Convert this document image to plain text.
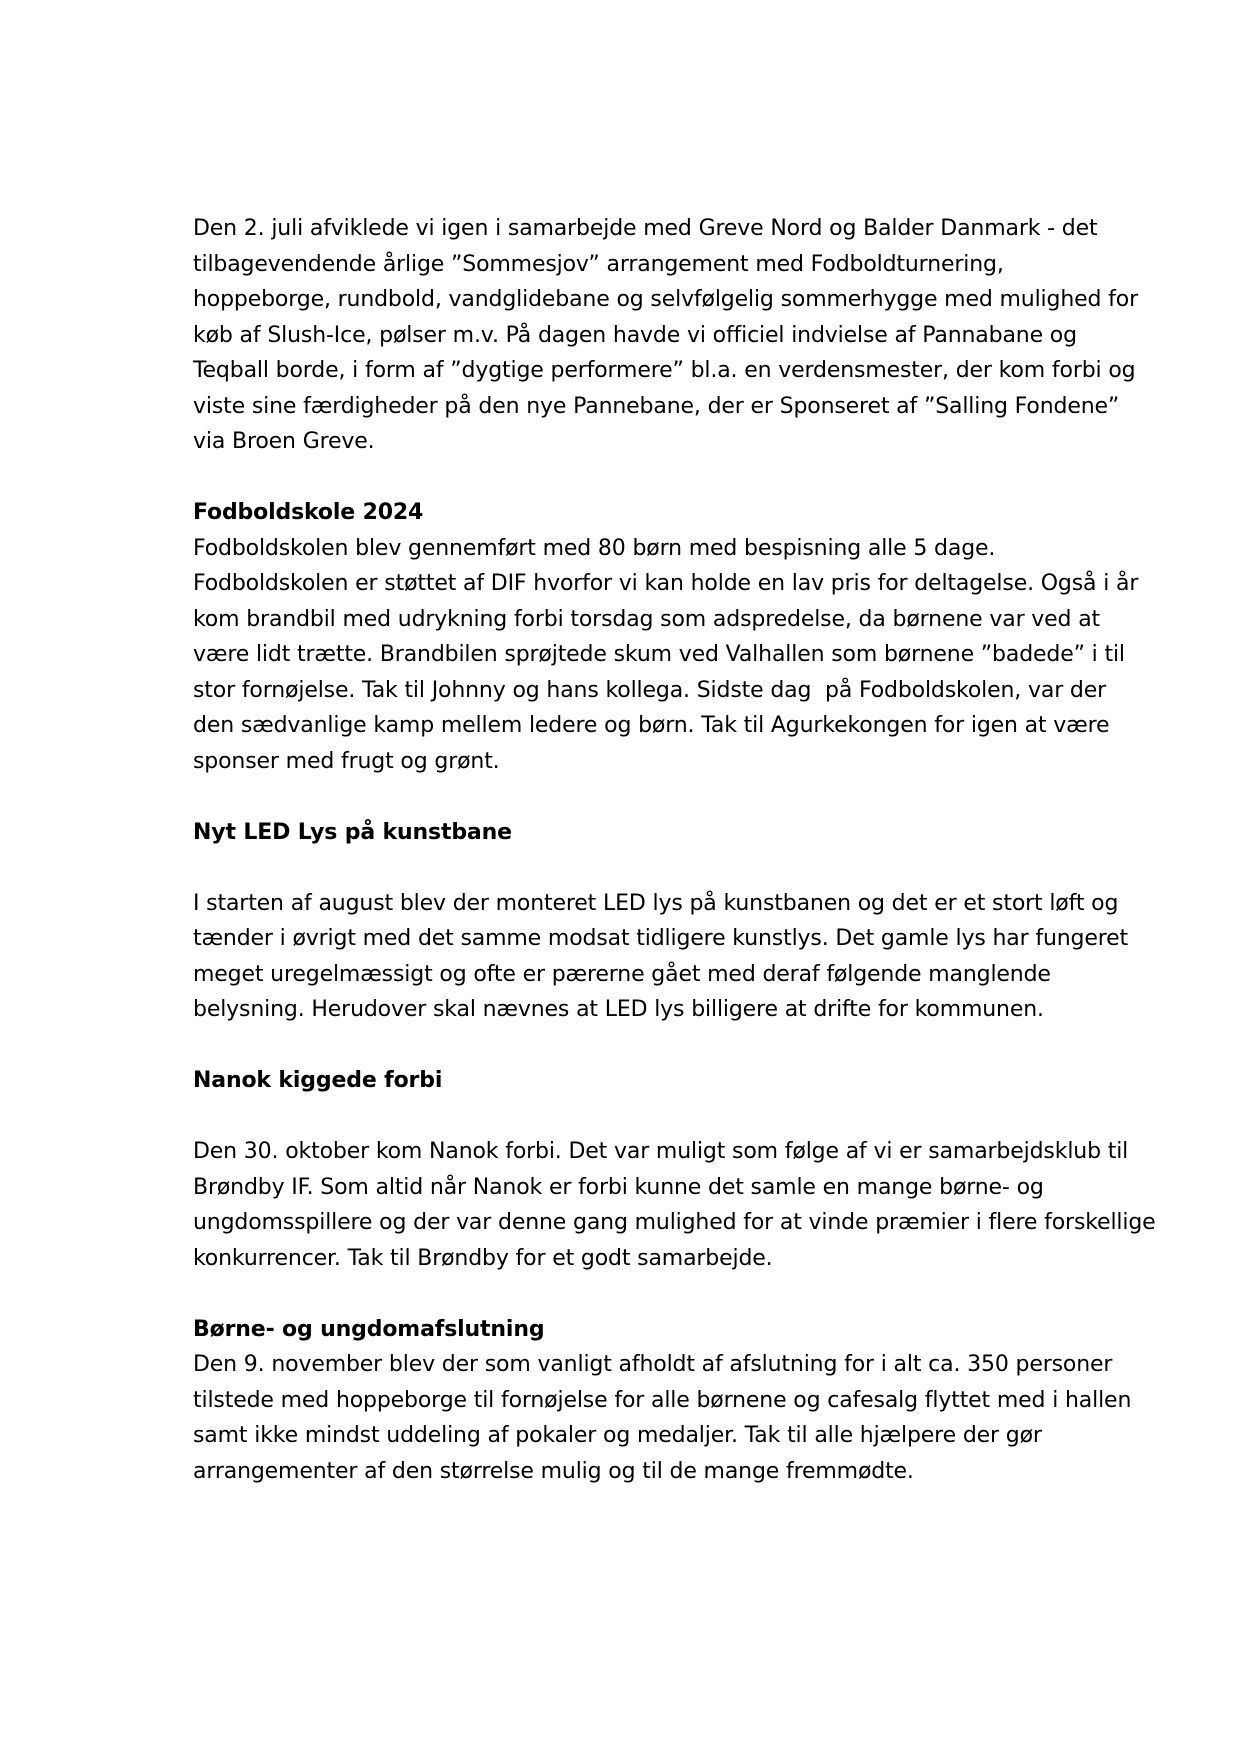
Den 2. juli afviklede vi igen i samarbejde med Greve Nord og Balder Danmark - det
tilbagevendende årlige ”Sommesjov” arrangement med Fodboldturnering,
hoppeborge, rundbold, vandglidebane og selvfølgelig sommerhygge med mulighed for
køb af Slush-Ice, pølser m.v. På dagen havde vi officiel indvielse af Pannabane og
Teqball borde, i form af ”dygtige performere” bl.a. en verdensmester, der kom forbi og
viste sine færdigheder på den nye Pannebane, der er Sponseret af ”Salling Fondene”
via Broen Greve.
Fodboldskole 2024
Fodboldskolen blev gennemført med 80 børn med bespisning alle 5 dage.
Fodboldskolen er støttet af DIF hvorfor vi kan holde en lav pris for deltagelse. Også i år
kom brandbil med udrykning forbi torsdag som adspredelse, da børnene var ved at
være lidt trætte. Brandbilen sprøjtede skum ved Valhallen som børnene ”badede” i til
stor fornøjelse. Tak til Johnny og hans kollega. Sidste dag  på Fodboldskolen, var der
den sædvanlige kamp mellem ledere og børn. Tak til Agurkekongen for igen at være
sponser med frugt og grønt.
Nyt LED Lys på kunstbane
I starten af august blev der monteret LED lys på kunstbanen og det er et stort løft og
tænder i øvrigt med det samme modsat tidligere kunstlys. Det gamle lys har fungeret
meget uregelmæssigt og ofte er pærerne gået med deraf følgende manglende
belysning. Herudover skal nævnes at LED lys billigere at drifte for kommunen.
Nanok kiggede forbi
Den 30. oktober kom Nanok forbi. Det var muligt som følge af vi er samarbejdsklub til
Brøndby IF. Som altid når Nanok er forbi kunne det samle en mange børne- og
ungdomsspillere og der var denne gang mulighed for at vinde præmier i flere forskellige
konkurrencer. Tak til Brøndby for et godt samarbejde.
Børne- og ungdomafslutning
Den 9. november blev der som vanligt afholdt af afslutning for i alt ca. 350 personer
tilstede med hoppeborge til fornøjelse for alle børnene og cafesalg flyttet med i hallen
samt ikke mindst uddeling af pokaler og medaljer. Tak til alle hjælpere der gør
arrangementer af den størrelse mulig og til de mange fremmødte.
